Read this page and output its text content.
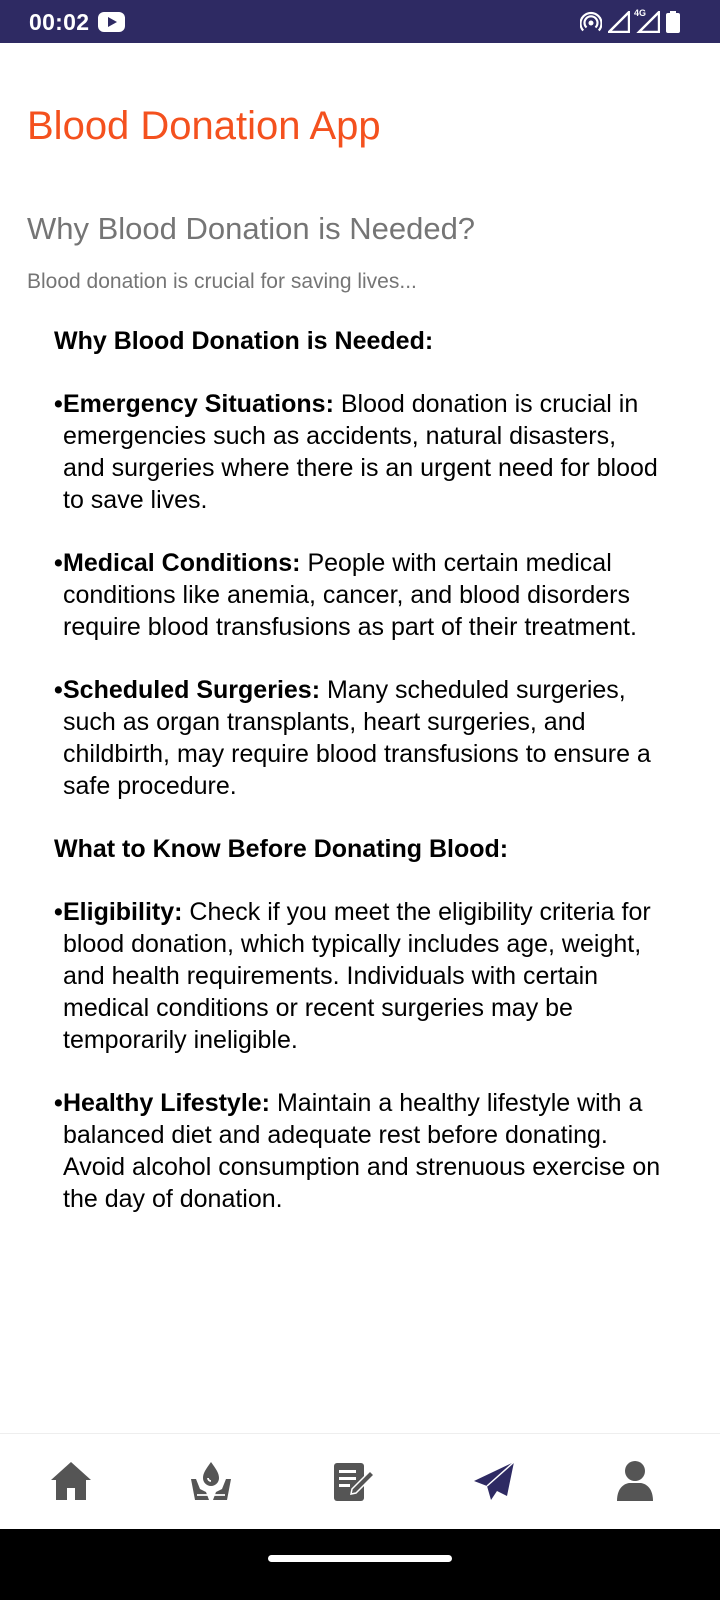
00:02	4G
Blood Donation App
Why Blood Donation is Needed?
Blood donation is crucial for saving lives...
Why Blood Donation is Needed:
• Emergency Situations: Blood donation is crucial in emergencies such as accidents, natural disasters, and surgeries where there is an urgent need for blood to save lives.
• Medical Conditions: People with certain medical conditions like anemia, cancer, and blood disorders require blood transfusions as part of their treatment.
• Scheduled Surgeries: Many scheduled surgeries, such as organ transplants, heart surgeries, and childbirth, may require blood transfusions to ensure a safe procedure.
What to Know Before Donating Blood:
• Eligibility: Check if you meet the eligibility criteria for blood donation, which typically includes age, weight, and health requirements. Individuals with certain medical conditions or recent surgeries may be temporarily ineligible.
• Healthy Lifestyle: Maintain a healthy lifestyle with a balanced diet and adequate rest before donating. Avoid alcohol consumption and strenuous exercise on the day of donation.
